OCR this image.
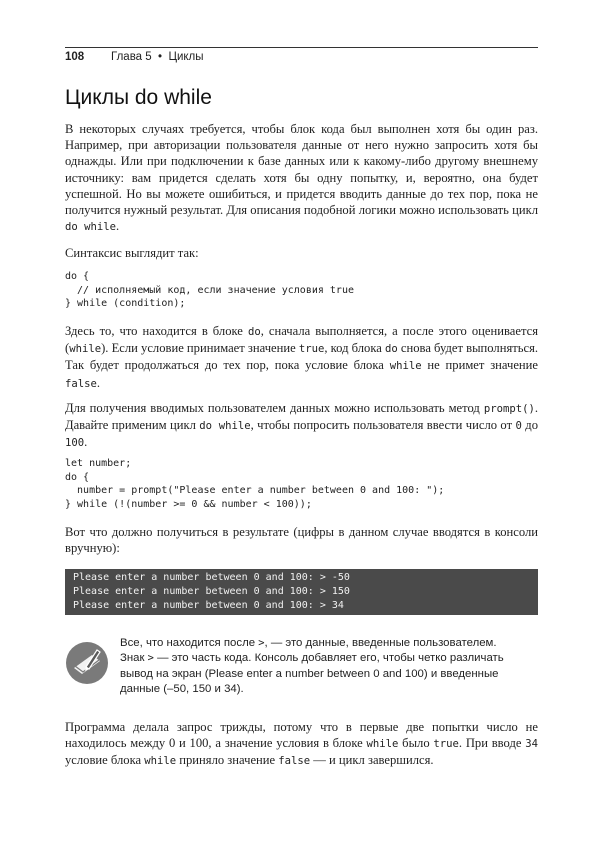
108 Глава 5 • Циклы
Циклы do while

В некоторых случаях требуется, чтобы блок кода был выполнен хотя бы один раз. Например, при авторизации пользователя данные от него нужно запросить хотя бы однажды. Или при подключении к базе данных или к какому-либо другому внешнему источнику: вам придется сделать хотя бы одну попытку, и, вероятно, она будет успешной. Но вы можете ошибиться, и придется вводить данные до тех пор, пока не получится нужный результат. Для описания подобной логики можно использовать цикл do while.

Синтаксис выглядит так:

do {
// исполняемый код, если значение условия true
} while (condition);

Здесь то, что находится в блоке do, сначала выполняется, а после этого оценивается (while). Если условие принимает значение true, код блока do снова будет выполняться. Так будет продолжаться до тех пор, пока условие блока while не примет значение false.

Для получения вводимых пользователем данных можно использовать метод prompt(). Давайте применим цикл do while, чтобы попросить пользователя ввести число от 0 до 100.

let number;
do {
number = prompt("Please enter a number between 0 and 100: ");
} while (!(number >= 0 && number < 100));

Вот что должно получиться в результате (цифры в данном случае вводятся в консоли вручную):

Please enter a number between 0 and 100: > -50
Please enter a number between 0 and 100: > 150
Please enter a number between 0 and 100: > 34

Все, что находится после >, — это данные, введенные пользователем. Знак > — это часть кода. Консоль добавляет его, чтобы четко различать вывод на экран (Please enter a number between 0 and 100) и введенные данные (–50, 150 и 34).

Программа делала запрос трижды, потому что в первые две попытки число не находилось между 0 и 100, а значение условия в блоке while было true. При вводе 34 условие блока while приняло значение false — и цикл завершился.
